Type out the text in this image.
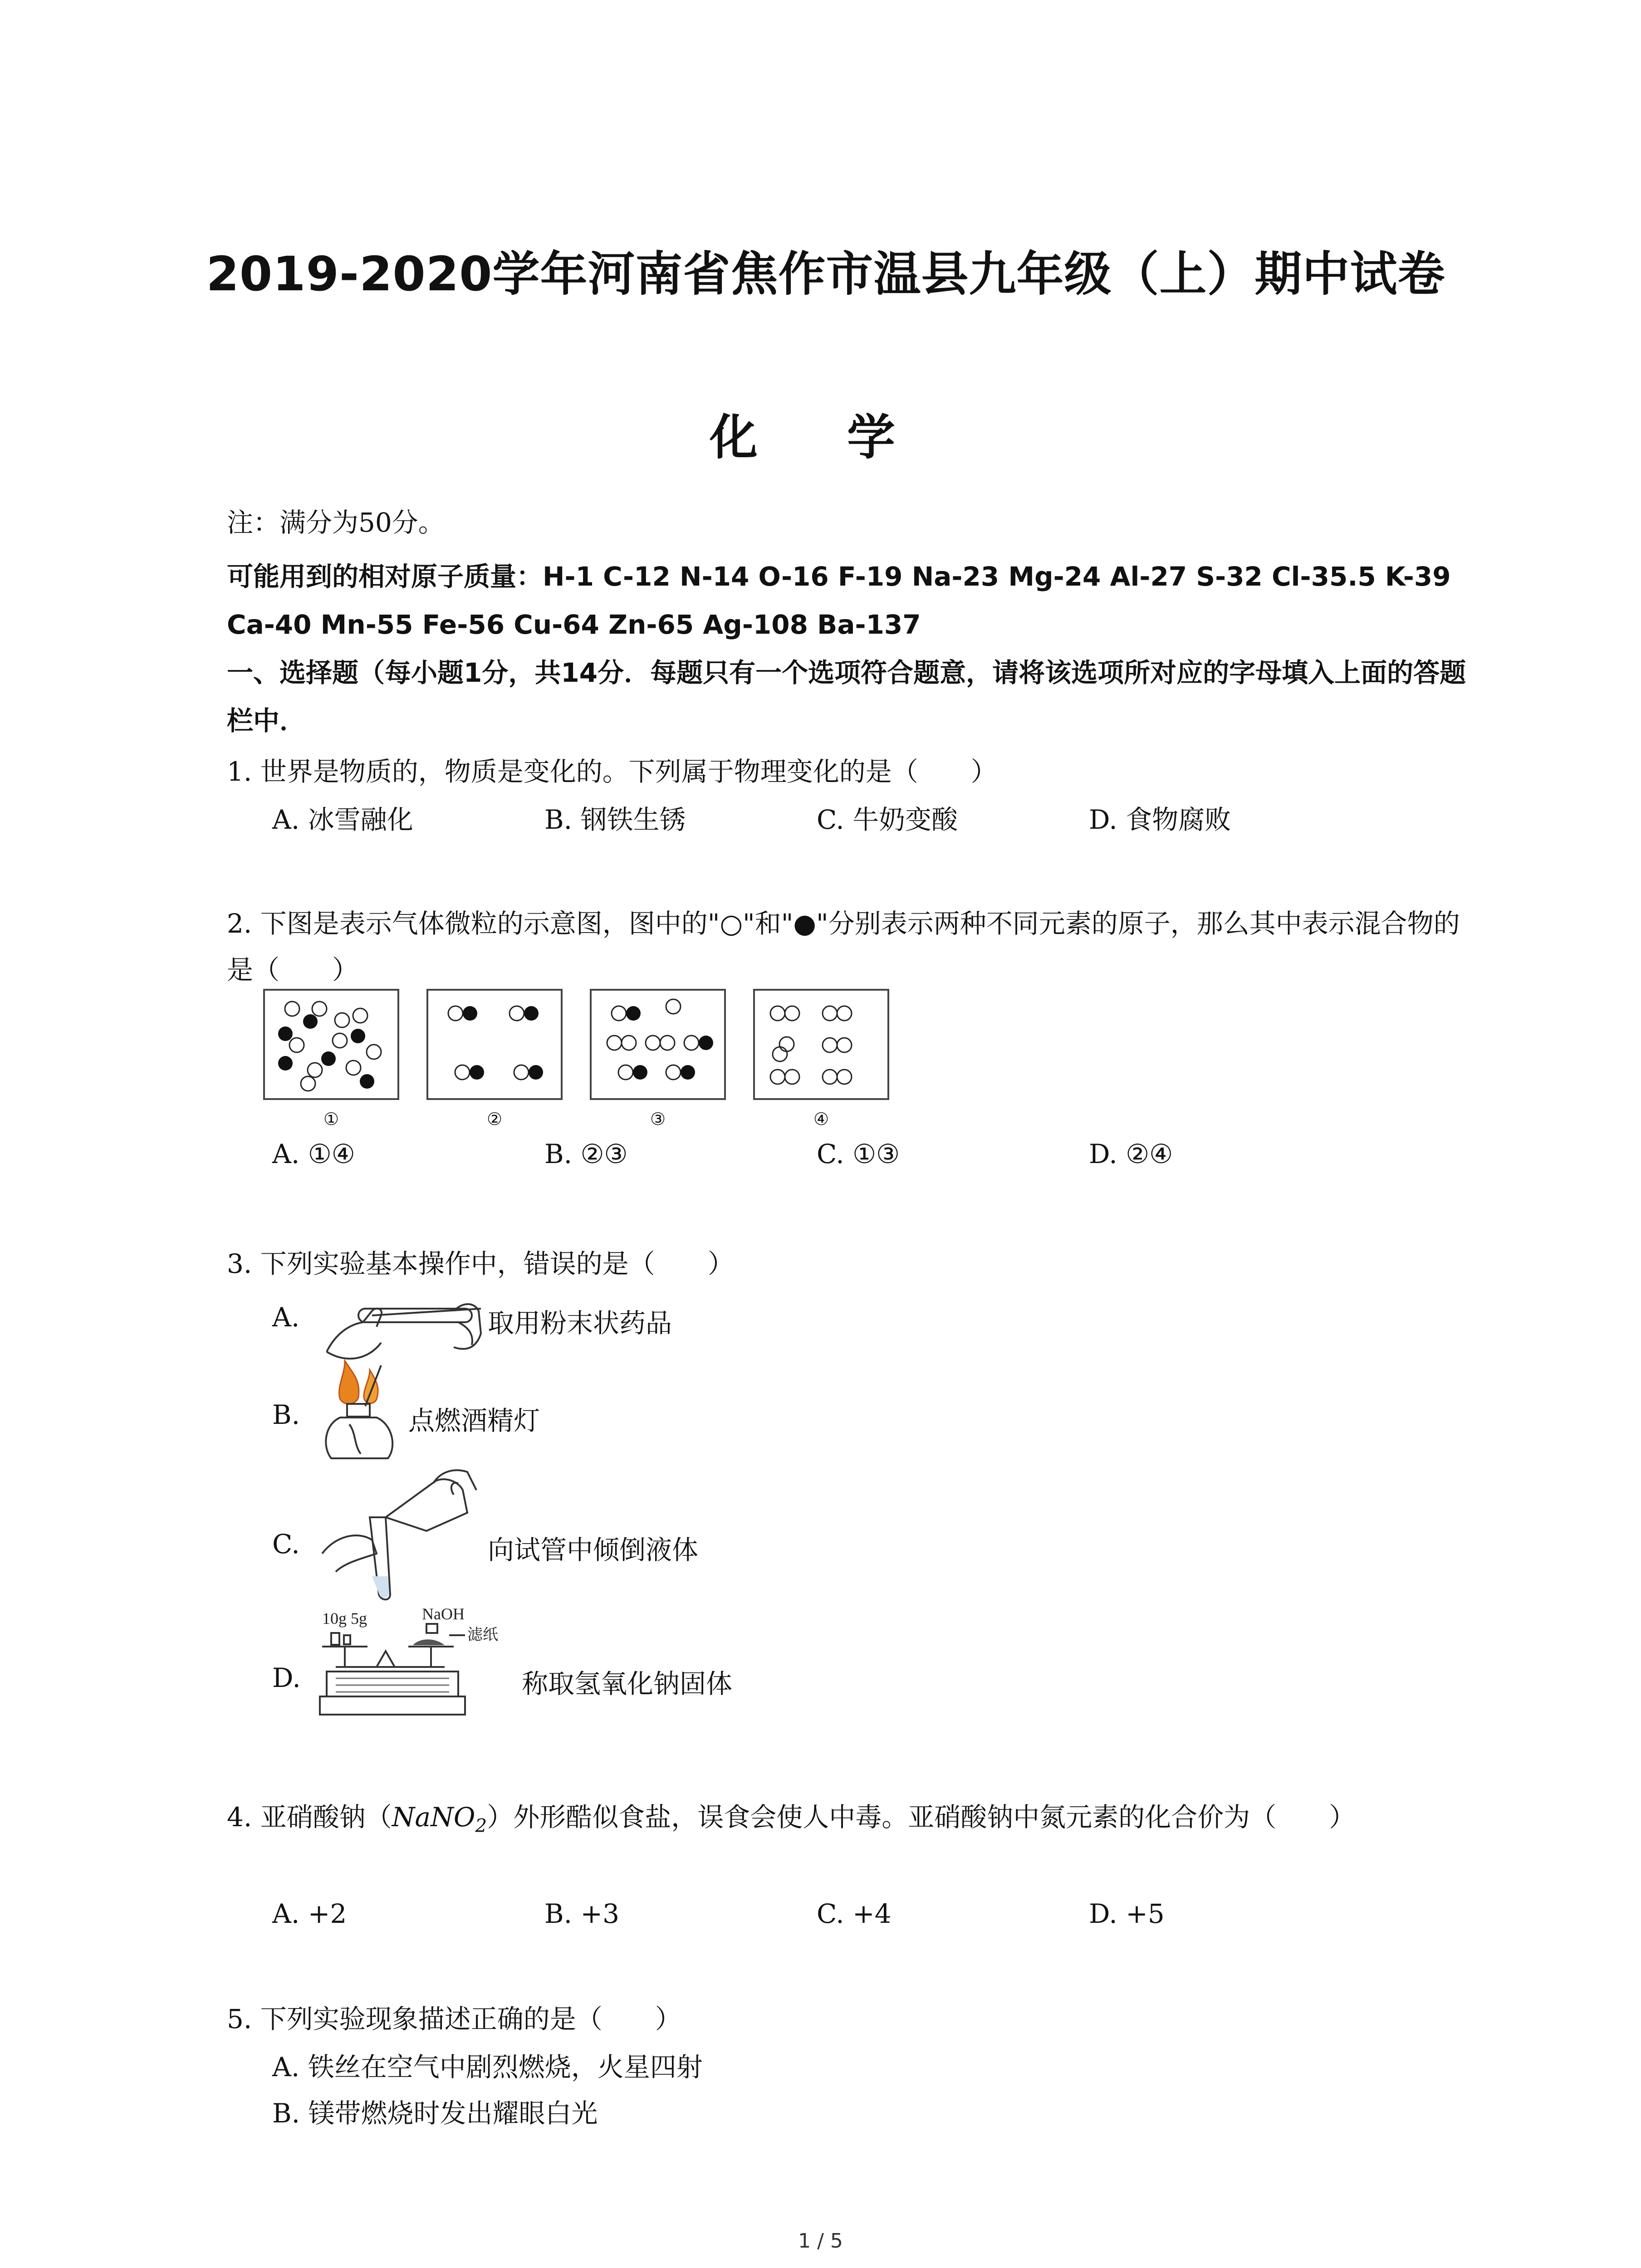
2019-2020学年河南省焦作市温县九年级（上）期中试卷
化 学
注：满分为50分。
可能用到的相对原子质量：H-1 C-12 N-14 O-16 F-19 Na-23 Mg-24 Al-27 S-32 Cl-35.5 K-39 Ca-40 Mn-55 Fe-56 Cu-64 Zn-65 Ag-108 Ba-137
一、选择题（每小题1分，共14分．每题只有一个选项符合题意，请将该选项所对应的字母填入上面的答题栏中．
1. 世界是物质的，物质是变化的。下列属于物理变化的是（　　）
A. 冰雪融化	B. 钢铁生锈	C. 牛奶变酸	D. 食物腐败
2. 下图是表示气体微粒的示意图，图中的"○"和"●"分别表示两种不同元素的原子，那么其中表示混合物的是（　　）
①	②	③	④
A. ①④	B. ②③	C. ①③	D. ②④
3. 下列实验基本操作中，错误的是（　　）
A.	取用粉末状药品
B.	点燃酒精灯
C.	向试管中倾倒液体
D.
10g 5g	NaOH
滤纸
称取氢氧化钠固体
4. 亚硝酸钠（NaNO$_2$）外形酷似食盐，误食会使人中毒。亚硝酸钠中氮元素的化合价为（　　）
A. +2	B. +3	C. +4	D. +5
5. 下列实验现象描述正确的是（　　）
A. 铁丝在空气中剧烈燃烧，火星四射
B. 镁带燃烧时发出耀眼白光
1 / 5
